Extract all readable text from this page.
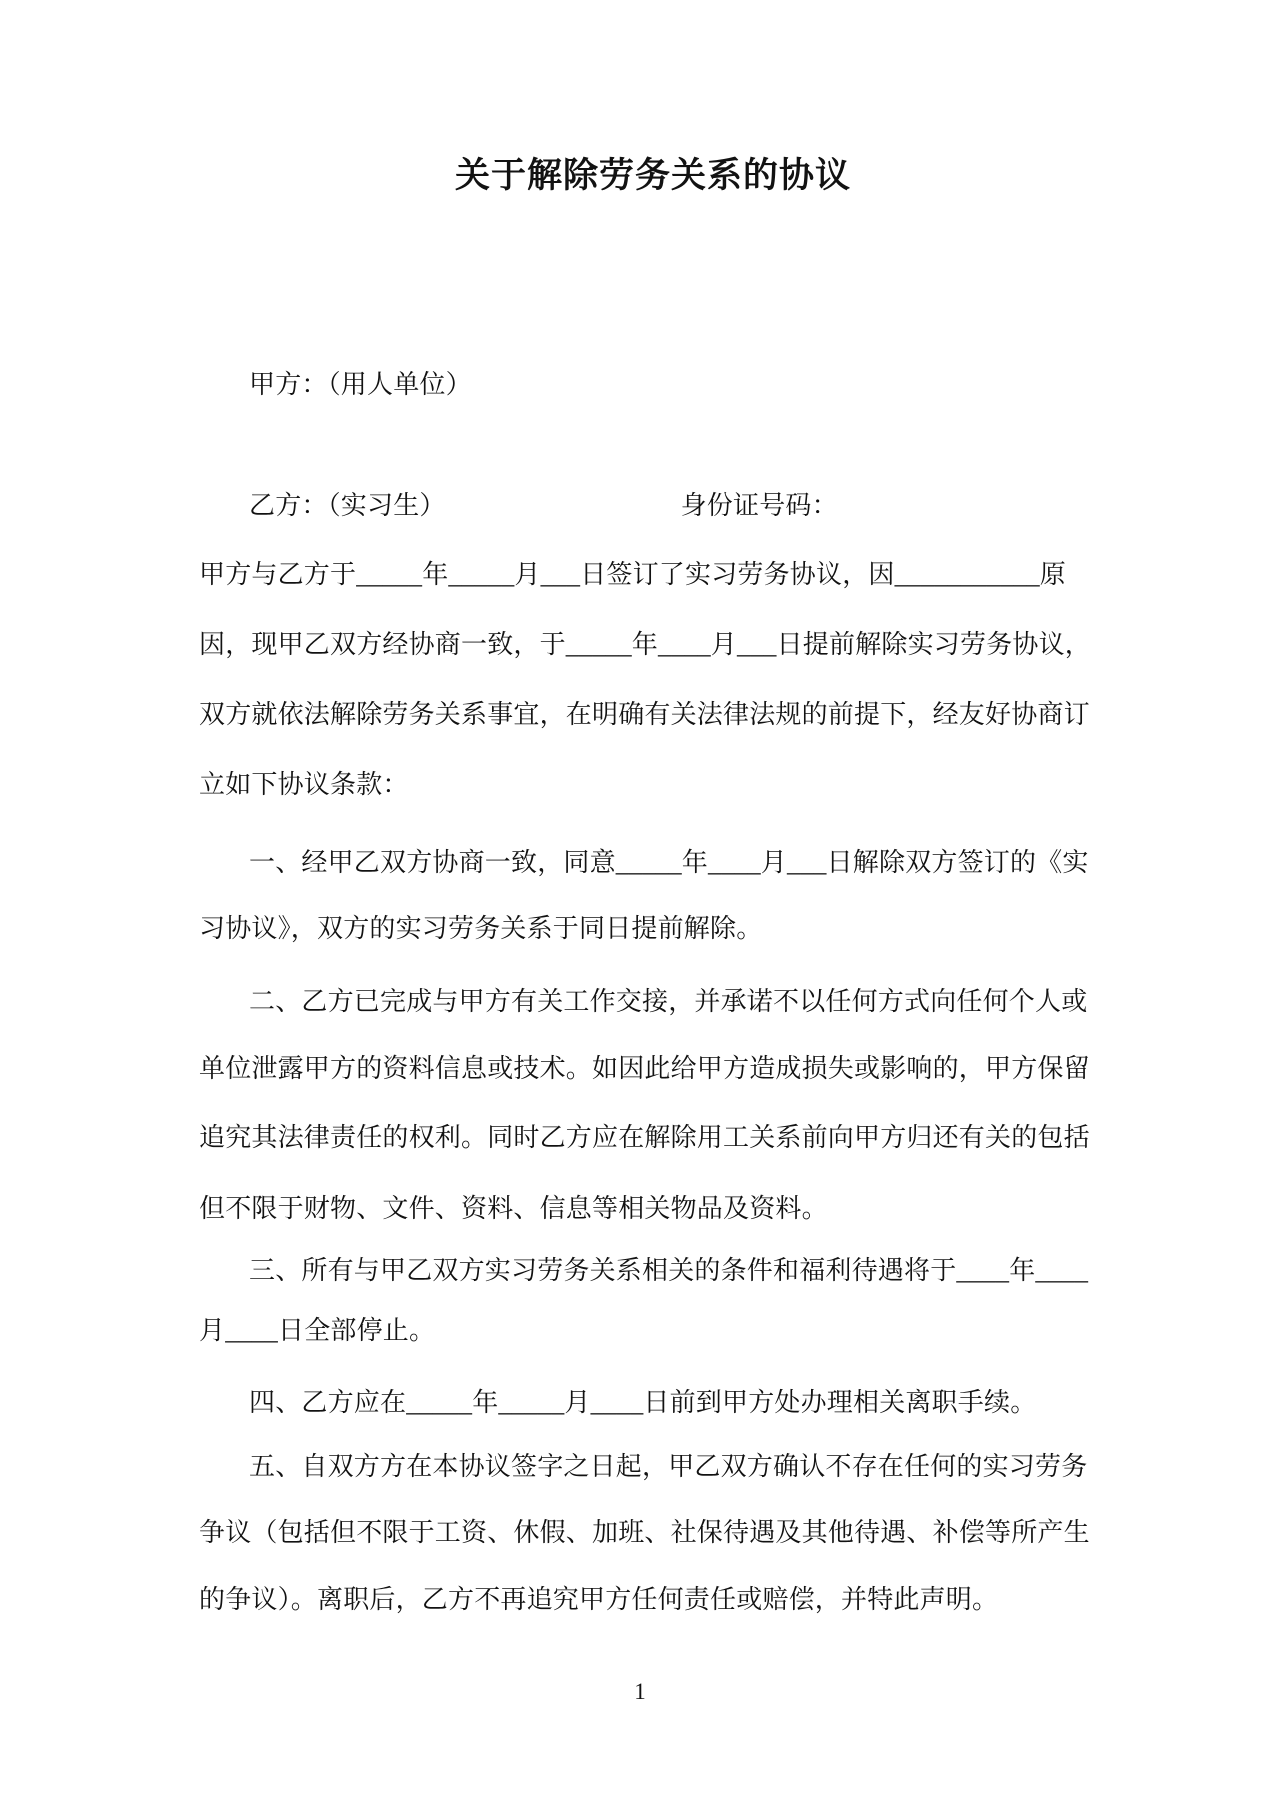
关于解除劳务关系的协议
甲方：（用人单位）
乙方：（实习生）	身份证号码：
甲方与乙方于_____年_____月___日签订了实习劳务协议，因___________原
因，现甲乙双方经协商一致，于_____年____月___日提前解除实习劳务协议，
双方就依法解除劳务关系事宜，在明确有关法律法规的前提下，经友好协商订
立如下协议条款：
一、经甲乙双方协商一致，同意_____年____月___日解除双方签订的《实
习协议》，双方的实习劳务关系于同日提前解除。
二、乙方已完成与甲方有关工作交接，并承诺不以任何方式向任何个人或
单位泄露甲方的资料信息或技术。如因此给甲方造成损失或影响的，甲方保留
追究其法律责任的权利。同时乙方应在解除用工关系前向甲方归还有关的包括
但不限于财物、文件、资料、信息等相关物品及资料。
三、所有与甲乙双方实习劳务关系相关的条件和福利待遇将于____年____
月____日全部停止。
四、乙方应在_____年_____月____日前到甲方处办理相关离职手续。
五、自双方方在本协议签字之日起，甲乙双方确认不存在任何的实习劳务
争议（包括但不限于工资、休假、加班、社保待遇及其他待遇、补偿等所产生
的争议）。离职后，乙方不再追究甲方任何责任或赔偿，并特此声明。
1
